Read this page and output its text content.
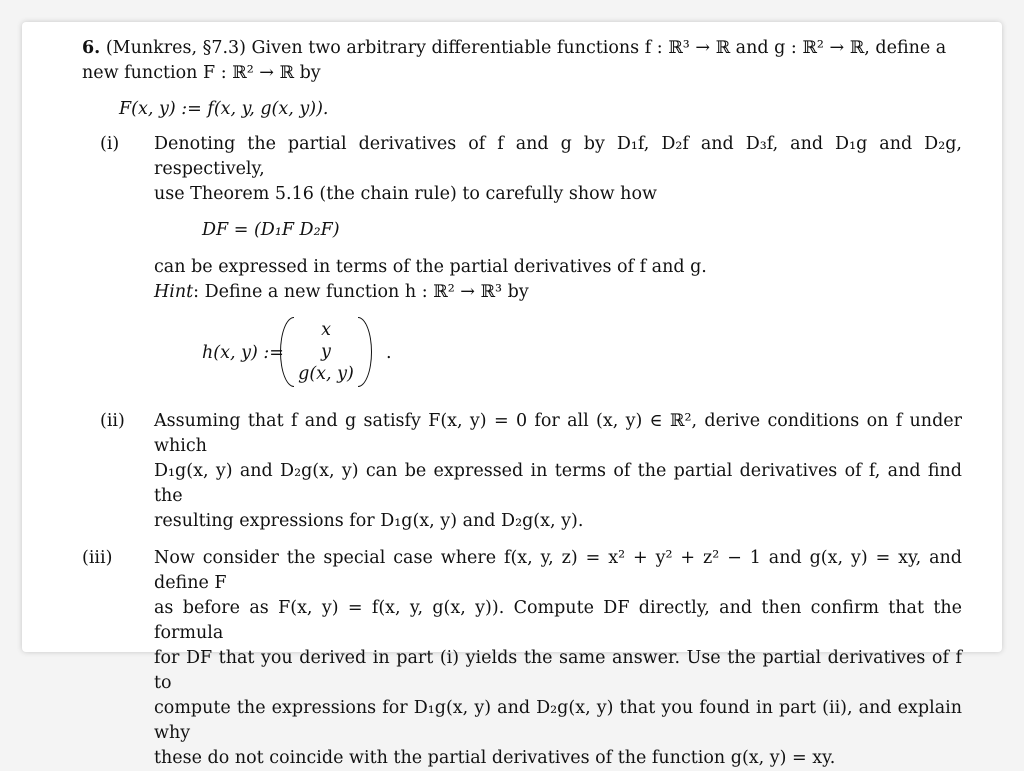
6. (Munkres, §7.3) Given two arbitrary differentiable functions f : ℝ³ → ℝ and g : ℝ² → ℝ, define a
new function F : ℝ² → ℝ by

F(x, y) := f(x, y, g(x, y)).
(i) Denoting the partial derivatives of f and g by D₁f, D₂f and D₃f, and D₁g and D₂g, respectively,
use Theorem 5.16 (the chain rule) to carefully show how

DF = (D₁F D₂F)

can be expressed in terms of the partial derivatives of f and g.
Hint: Define a new function h : ℝ² → ℝ³ by

h(x, y) :=
x
y
g(x, y)
.
(ii) Assuming that f and g satisfy F(x, y) = 0 for all (x, y) ∈ ℝ², derive conditions on f under which
D₁g(x, y) and D₂g(x, y) can be expressed in terms of the partial derivatives of f, and find the
resulting expressions for D₁g(x, y) and D₂g(x, y).

(iii) Now consider the special case where f(x, y, z) = x² + y² + z² − 1 and g(x, y) = xy, and define F
as before as F(x, y) = f(x, y, g(x, y)). Compute DF directly, and then confirm that the formula
for DF that you derived in part (i) yields the same answer. Use the partial derivatives of f to
compute the expressions for D₁g(x, y) and D₂g(x, y) that you found in part (ii), and explain why
these do not coincide with the partial derivatives of the function g(x, y) = xy.
